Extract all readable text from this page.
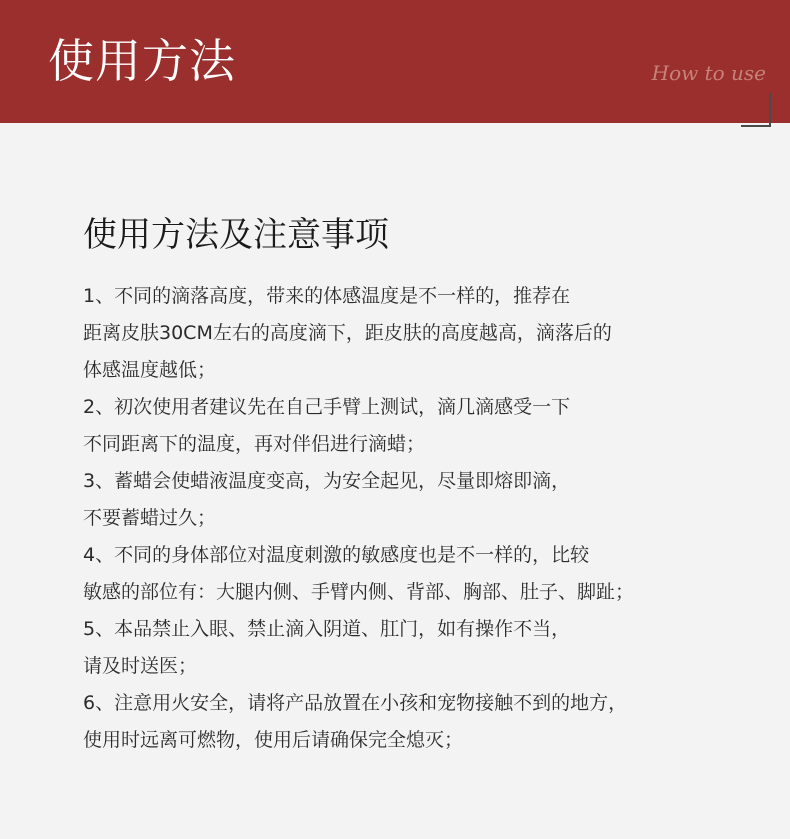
使用方法	How to use
使用方法及注意事项
1、不同的滴落高度，带来的体感温度是不一样的，推荐在
距离皮肤30CM左右的高度滴下，距皮肤的高度越高，滴落后的
体感温度越低；
2、初次使用者建议先在自己手臂上测试，滴几滴感受一下
不同距离下的温度，再对伴侣进行滴蜡；
3、蓄蜡会使蜡液温度变高，为安全起见，尽量即熔即滴，
不要蓄蜡过久；
4、不同的身体部位对温度刺激的敏感度也是不一样的，比较
敏感的部位有：大腿内侧、手臂内侧、背部、胸部、肚子、脚趾；
5、本品禁止入眼、禁止滴入阴道、肛门，如有操作不当，
请及时送医；
6、注意用火安全，请将产品放置在小孩和宠物接触不到的地方，
使用时远离可燃物，使用后请确保完全熄灭；
